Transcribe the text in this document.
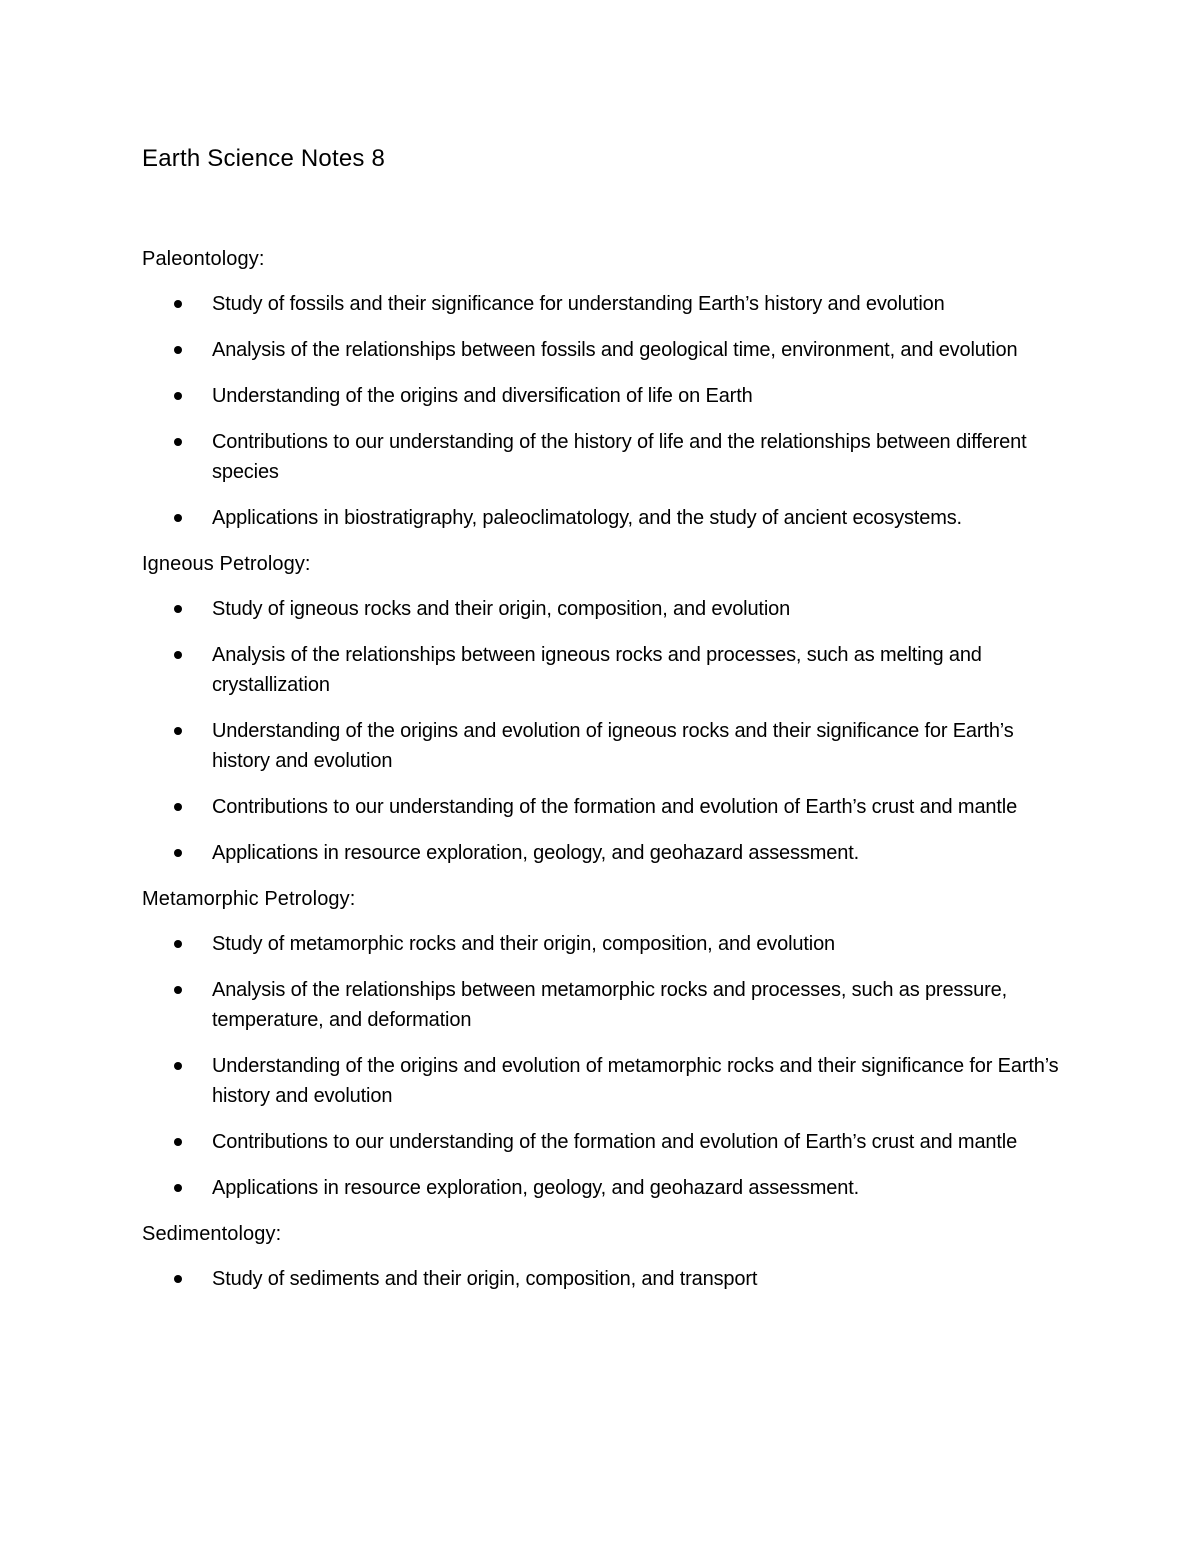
Earth Science Notes 8
Paleontology:
Study of fossils and their significance for understanding Earth’s history and evolution
Analysis of the relationships between fossils and geological time, environment, and evolution
Understanding of the origins and diversification of life on Earth
Contributions to our understanding of the history of life and the relationships between different species
Applications in biostratigraphy, paleoclimatology, and the study of ancient ecosystems.
Igneous Petrology:
Study of igneous rocks and their origin, composition, and evolution
Analysis of the relationships between igneous rocks and processes, such as melting and crystallization
Understanding of the origins and evolution of igneous rocks and their significance for Earth’s history and evolution
Contributions to our understanding of the formation and evolution of Earth’s crust and mantle
Applications in resource exploration, geology, and geohazard assessment.
Metamorphic Petrology:
Study of metamorphic rocks and their origin, composition, and evolution
Analysis of the relationships between metamorphic rocks and processes, such as pressure, temperature, and deformation
Understanding of the origins and evolution of metamorphic rocks and their significance for Earth’s history and evolution
Contributions to our understanding of the formation and evolution of Earth’s crust and mantle
Applications in resource exploration, geology, and geohazard assessment.
Sedimentology:
Study of sediments and their origin, composition, and transport
